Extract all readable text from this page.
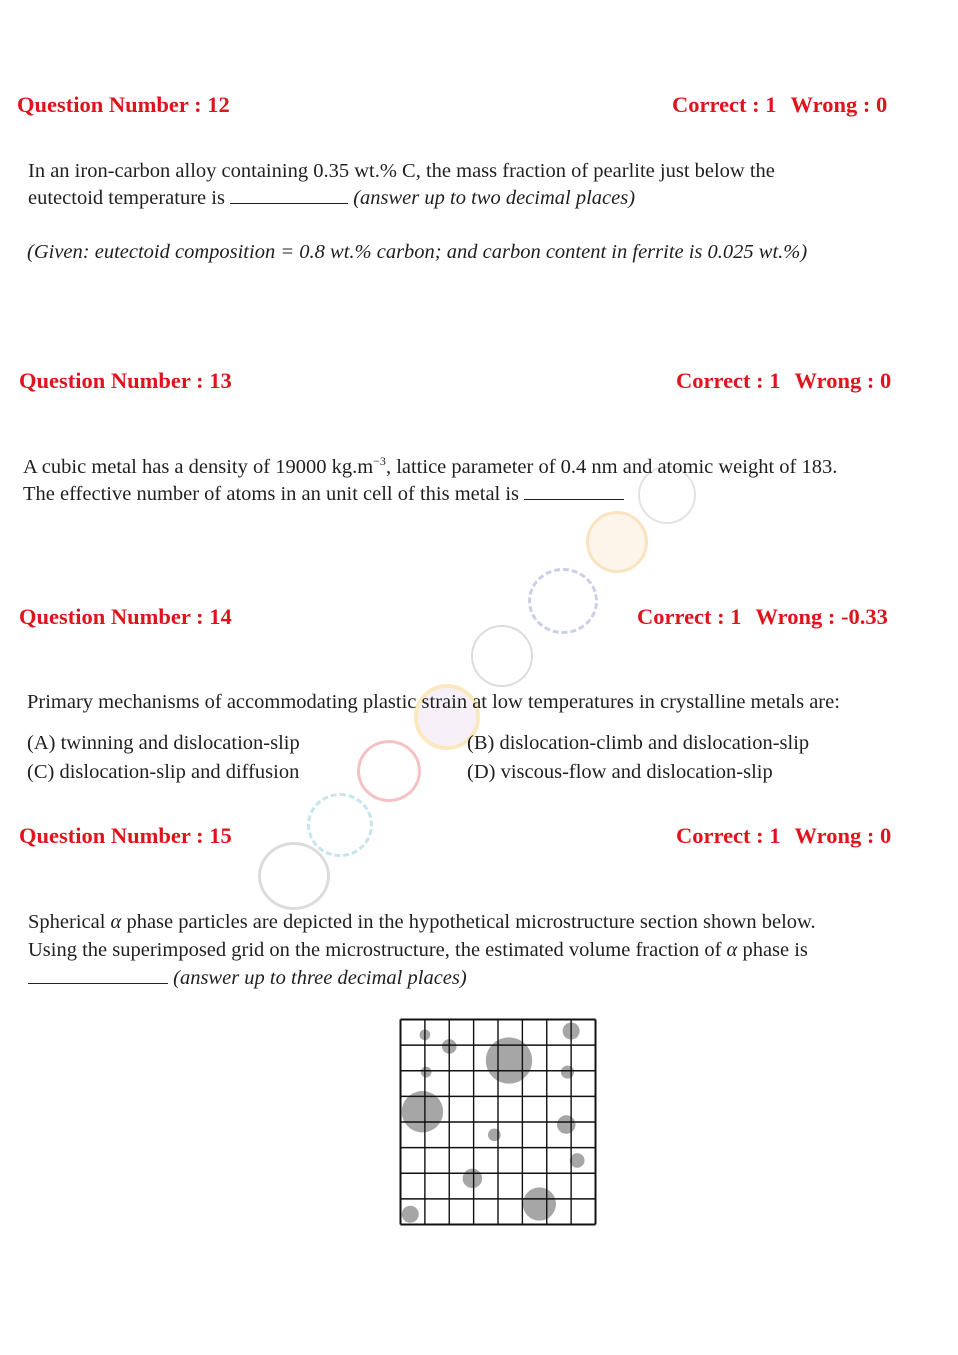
Question Number : 12	Correct : 1 Wrong : 0
In an iron-carbon alloy containing 0.35 wt.% C, the mass fraction of pearlite just below the
eutectoid temperature is	(answer up to two decimal places)
(Given: eutectoid composition = 0.8 wt.% carbon; and carbon content in ferrite is 0.025 wt.%)
Question Number : 13	Correct : 1 Wrong : 0
A cubic metal has a density of 19000 $kg.m^{-3}$, lattice parameter of 0.4 nm and atomic weight of 183.
The effective number of atoms in an unit cell of this metal is
Question Number : 14	Correct : 1 Wrong : -0.33
Primary mechanisms of accommodating plastic strain at low temperatures in crystalline metals are:
(A) twinning and dislocation-slip	(B) dislocation-climb and dislocation-slip
(C) dislocation-slip and diffusion	(D) viscous-flow and dislocation-slip
Question Number : 15	Correct : 1 Wrong : 0
Spherical α phase particles are depicted in the hypothetical microstructure section shown below.
Using the superimposed grid on the microstructure, the estimated volume fraction of α phase is
(answer up to three decimal places)
